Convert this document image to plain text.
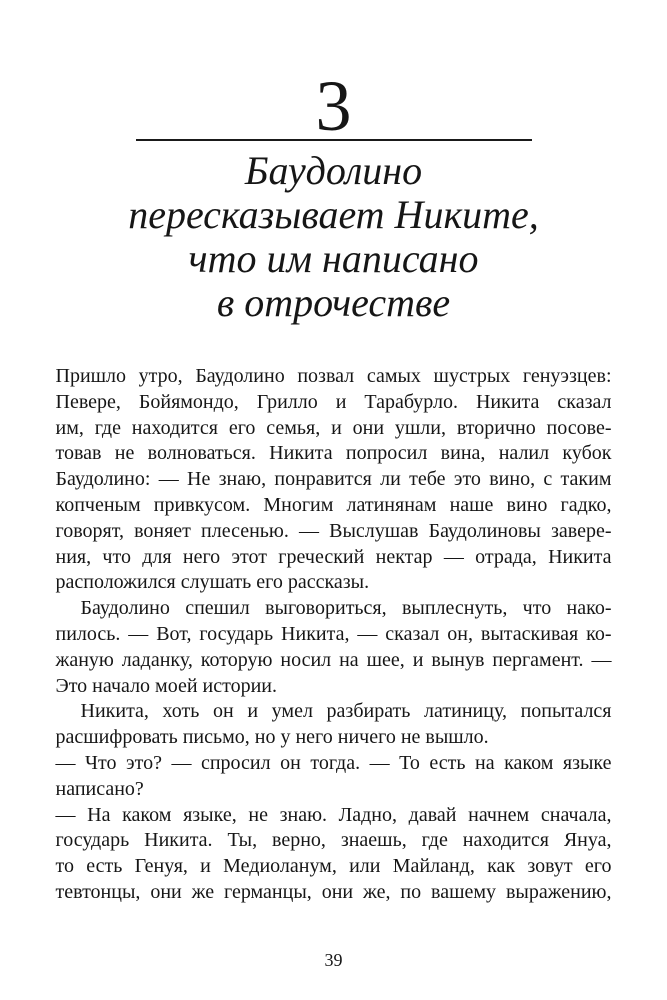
3
Баудолино
пересказывает Никите,
что им написано
в отрочестве
Пришло утро, Баудолино позвал самых шустрых генуэзцев:
Певере, Бойямондо, Грилло и Тарабурло. Никита сказал
им, где находится его семья, и они ушли, вторично посове-
товав не волноваться. Никита попросил вина, налил кубок
Баудолино: — Не знаю, понравится ли тебе это вино, с таким
копченым привкусом. Многим латинянам наше вино гадко,
говорят, воняет плесенью. — Выслушав Баудолиновы завере-
ния, что для него этот греческий нектар — отрада, Никита
расположился слушать его рассказы.
Баудолино спешил выговориться, выплеснуть, что нако-
пилось. — Вот, государь Никита, — сказал он, вытаскивая ко-
жаную ладанку, которую носил на шее, и вынув пергамент. —
Это начало моей истории.
Никита, хоть он и умел разбирать латиницу, попытался
расшифровать письмо, но у него ничего не вышло.
— Что это? — спросил он тогда. — То есть на каком языке
написано?
— На каком языке, не знаю. Ладно, давай начнем сначала,
государь Никита. Ты, верно, знаешь, где находится Януа,
то есть Генуя, и Медиоланум, или Майланд, как зовут его
тевтонцы, они же германцы, они же, по вашему выражению,
39
